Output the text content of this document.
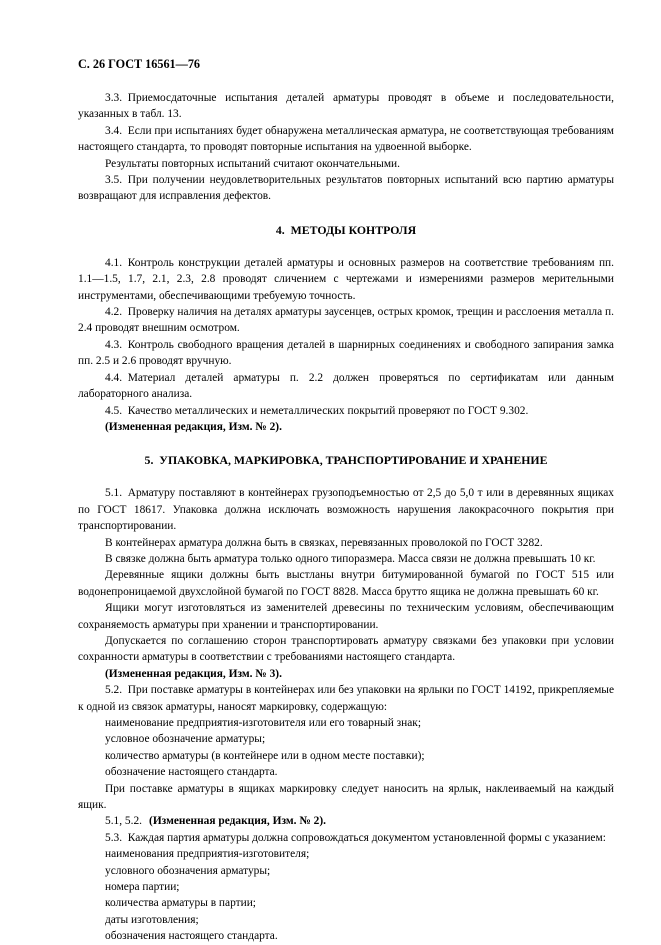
С. 26 ГОСТ 16561—76

3.3. Приемосдаточные испытания деталей арматуры проводят в объеме и последовательности, указанных в табл. 13.

3.4. Если при испытаниях будет обнаружена металлическая арматура, не соответствующая требованиям настоящего стандарта, то проводят повторные испытания на удвоенной выборке.

Результаты повторных испытаний считают окончательными.

3.5. При получении неудовлетворительных результатов повторных испытаний всю партию арматуры возвращают для исправления дефектов.

4. МЕТОДЫ КОНТРОЛЯ

4.1. Контроль конструкции деталей арматуры и основных размеров на соответствие требованиям пп. 1.1—1.5, 1.7, 2.1, 2.3, 2.8 проводят сличением с чертежами и измерениями размеров мерительными инструментами, обеспечивающими требуемую точность.

4.2. Проверку наличия на деталях арматуры заусенцев, острых кромок, трещин и расслоения металла п. 2.4 проводят внешним осмотром.

4.3. Контроль свободного вращения деталей в шарнирных соединениях и свободного запирания замка пп. 2.5 и 2.6 проводят вручную.

4.4. Материал деталей арматуры п. 2.2 должен проверяться по сертификатам или данным лабораторного анализа.

4.5. Качество металлических и неметаллических покрытий проверяют по ГОСТ 9.302.

(Измененная редакция, Изм. № 2).

5. УПАКОВКА, МАРКИРОВКА, ТРАНСПОРТИРОВАНИЕ И ХРАНЕНИЕ

5.1. Арматуру поставляют в контейнерах грузоподъемностью от 2,5 до 5,0 т или в деревянных ящиках по ГОСТ 18617. Упаковка должна исключать возможность нарушения лакокрасочного покрытия при транспортировании.

В контейнерах арматура должна быть в связках, перевязанных проволокой по ГОСТ 3282.

В связке должна быть арматура только одного типоразмера. Масса связи не должна превышать 10 кг.

Деревянные ящики должны быть выстланы внутри битумированной бумагой по ГОСТ 515 или водонепроницаемой двухслойной бумагой по ГОСТ 8828. Масса брутто ящика не должна превышать 60 кг.

Ящики могут изготовляться из заменителей древесины по техническим условиям, обеспечивающим сохраняемость арматуры при хранении и транспортировании.

Допускается по соглашению сторон транспортировать арматуру связками без упаковки при условии сохранности арматуры в соответствии с требованиями настоящего стандарта.

(Измененная редакция, Изм. № 3).

5.2. При поставке арматуры в контейнерах или без упаковки на ярлыки по ГОСТ 14192, прикрепляемые к одной из связок арматуры, наносят маркировку, содержащую:

наименование предприятия-изготовителя или его товарный знак;

условное обозначение арматуры;

количество арматуры (в контейнере или в одном месте поставки);

обозначение настоящего стандарта.

При поставке арматуры в ящиках маркировку следует наносить на ярлык, наклеиваемый на каждый ящик.

5.1, 5.2. (Измененная редакция, Изм. № 2).

5.3. Каждая партия арматуры должна сопровождаться документом установленной формы с указанием:

наименования предприятия-изготовителя;

условного обозначения арматуры;

номера партии;

количества арматуры в партии;

даты изготовления;

обозначения настоящего стандарта.
